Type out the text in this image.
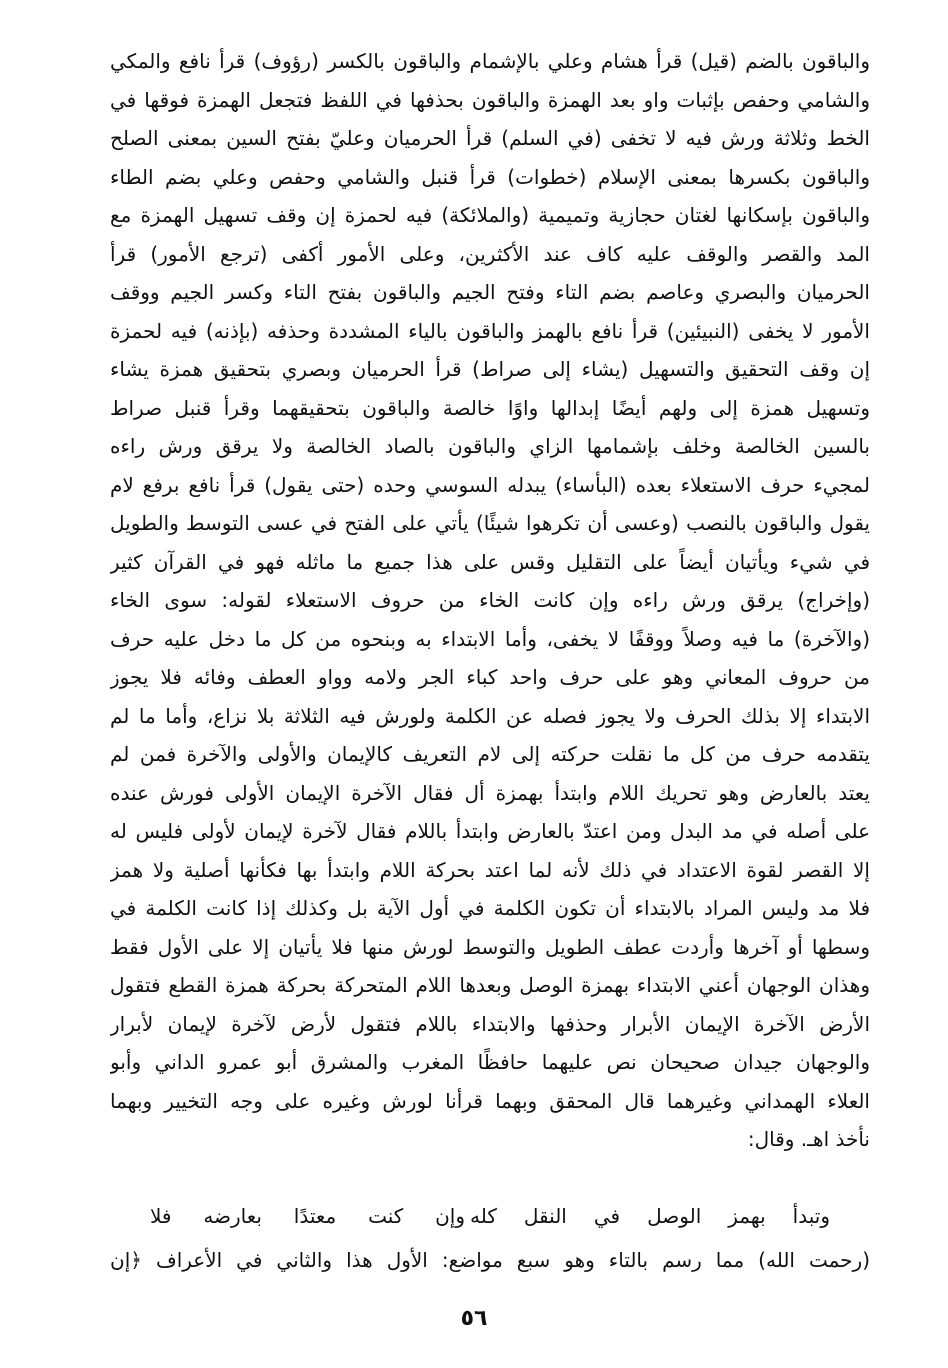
والباقون بالضم (قيل) قرأ هشام وعلي بالإشمام والباقون بالكسر (رؤوف) قرأ نافع والمكي
والشامي وحفص بإثبات واو بعد الهمزة والباقون بحذفها في اللفظ فتجعل الهمزة فوقها في
الخط وثلاثة ورش فيه لا تخفى (في السلم) قرأ الحرميان وعليّ بفتح السين بمعنى الصلح
والباقون بكسرها بمعنى الإسلام (خطوات) قرأ قنبل والشامي وحفص وعلي بضم الطاء
والباقون بإسكانها لغتان حجازية وتميمية (والملائكة) فيه لحمزة إن وقف تسهيل الهمزة مع
المد والقصر والوقف عليه كاف عند الأكثرين، وعلى الأمور أكفى (ترجع الأمور) قرأ
الحرميان والبصري وعاصم بضم التاء وفتح الجيم والباقون بفتح التاء وكسر الجيم ووقف
الأمور لا يخفى (النبيئين) قرأ نافع بالهمز والباقون بالياء المشددة وحذفه (بإذنه) فيه لحمزة
إن وقف التحقيق والتسهيل (يشاء إلى صراط) قرأ الحرميان وبصري بتحقيق همزة يشاء
وتسهيل همزة إلى ولهم أيضًا إبدالها واوًا خالصة والباقون بتحقيقهما وقرأ قنبل صراط
بالسين الخالصة وخلف بإشمامها الزاي والباقون بالصاد الخالصة ولا يرقق ورش راءه
لمجيء حرف الاستعلاء بعده (البأساء) يبدله السوسي وحده (حتى يقول) قرأ نافع برفع لام
يقول والباقون بالنصب (وعسى أن تكرهوا شيئًا) يأتي على الفتح في عسى التوسط والطويل
في شيء ويأتيان أيضاً على التقليل وقس على هذا جميع ما ماثله فهو في القرآن كثير
(وإخراج) يرقق ورش راءه وإن كانت الخاء من حروف الاستعلاء لقوله: سوى الخاء
(والآخرة) ما فيه وصلاً ووقفًا لا يخفى، وأما الابتداء به وبنحوه من كل ما دخل عليه حرف
من حروف المعاني وهو على حرف واحد كباء الجر ولامه وواو العطف وفائه فلا يجوز
الابتداء إلا بذلك الحرف ولا يجوز فصله عن الكلمة ولورش فيه الثلاثة بلا نزاع، وأما ما لم
يتقدمه حرف من كل ما نقلت حركته إلى لام التعريف كالإيمان والأولى والآخرة فمن لم
يعتد بالعارض وهو تحريك اللام وابتدأ بهمزة أل فقال الآخرة الإيمان الأولى فورش عنده
على أصله في مد البدل ومن اعتدّ بالعارض وابتدأ باللام فقال لآخرة لإيمان لأولى فليس له
إلا القصر لقوة الاعتداد في ذلك لأنه لما اعتد بحركة اللام وابتدأ بها فكأنها أصلية ولا همز
فلا مد وليس المراد بالابتداء أن تكون الكلمة في أول الآية بل وكذلك إذا كانت الكلمة في
وسطها أو آخرها وأردت عطف الطويل والتوسط لورش منها فلا يأتيان إلا على الأول فقط
وهذان الوجهان أعني الابتداء بهمزة الوصل وبعدها اللام المتحركة بحركة همزة القطع فتقول
الأرض الآخرة الإيمان الأبرار وحذفها والابتداء باللام فتقول لأرض لآخرة لإيمان لأبرار
والوجهان جيدان صحيحان نص عليهما حافظًا المغرب والمشرق أبو عمرو الداني وأبو
العلاء الهمداني وغيرهما قال المحقق وبهما قرأنا لورش وغيره على وجه التخيير وبهما
نأخذ اهـ. وقال:
وتبدأ بهمز الوصل في النقل كله
وإن كنت معتدًا بعارضه فلا
(رحمت الله) مما رسم بالتاء وهو سبع مواضع: الأول هذا والثاني في الأعراف ﴿إن
٥٦
